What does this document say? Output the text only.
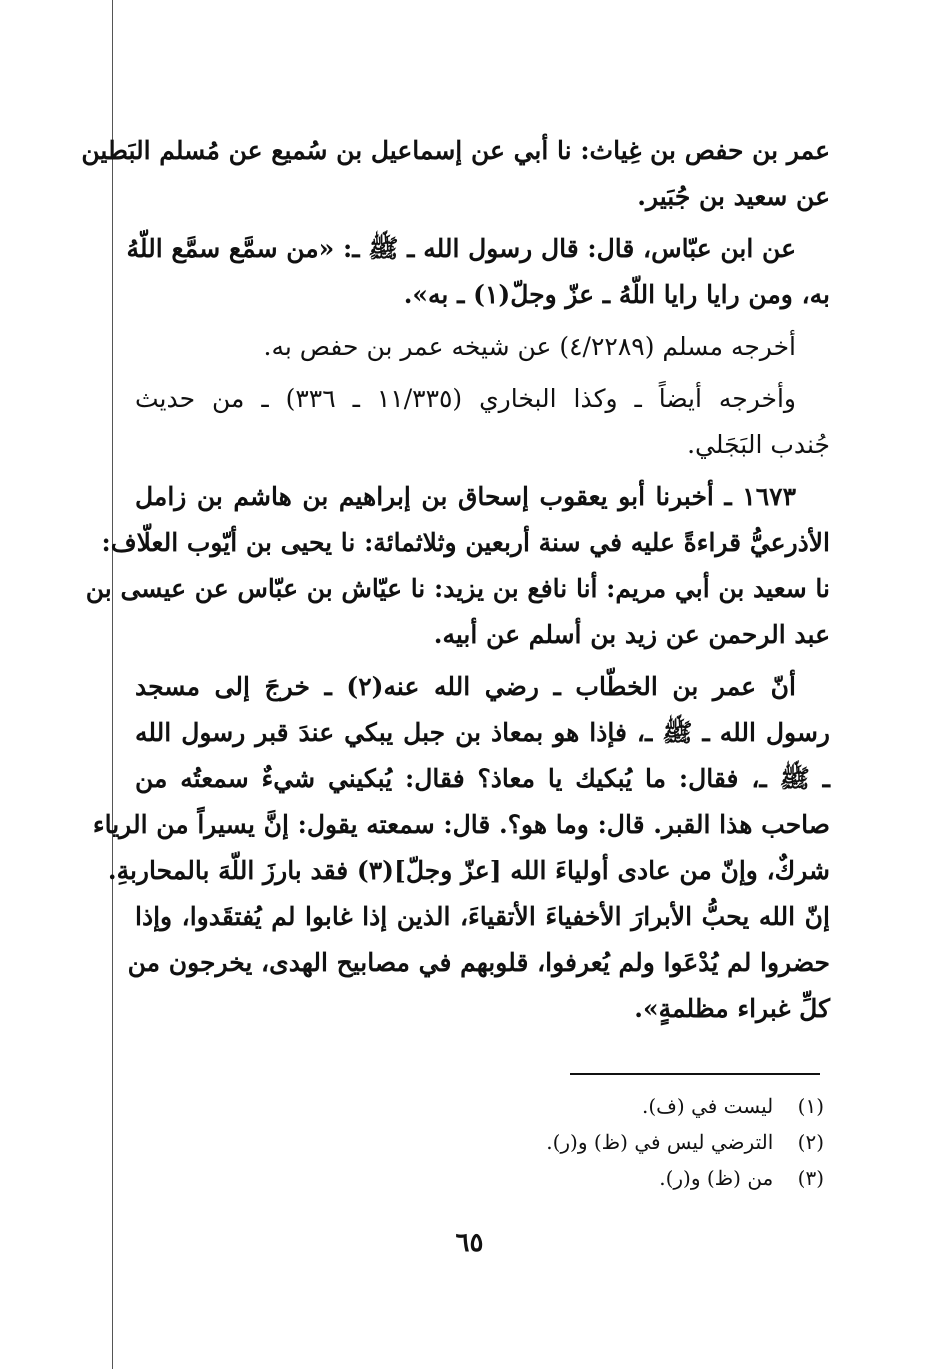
عمر بن حفص بن غِياث: نا أبي عن إسماعيل بن سُميع عن مُسلم البَطين
عن سعيد بن جُبَير.
عن ابن عبّاس، قال: قال رسول الله ـ ﷺ ـ: «من سمَّع سمَّع اللّهُ
به، ومن رايا رايا اللّهُ ـ عزّ وجلّ(١) ـ به».
أخرجه مسلم (٤/٢٢٨٩) عن شيخه عمر بن حفص به.
وأخرجه أيضاً ـ وكذا البخاري (١١/٣٣٥ ـ ٣٣٦) ـ من حديث
جُندب البَجَلي.
١٦٧٣ ـ أخبرنا أبو يعقوب إسحاق بن إبراهيم بن هاشم بن زامل
الأذرعيُّ قراءةً عليه في سنة أربعين وثلاثمائة: نا يحيى بن أيّوب العلّاف:
نا سعيد بن أبي مريم: أنا نافع بن يزيد: نا عيّاش بن عبّاس عن عيسى بن
عبد الرحمن عن زيد بن أسلم عن أبيه.
أنّ عمر بن الخطّاب ـ رضي الله عنه(٢) ـ خرجَ إلى مسجد
رسول الله ـ ﷺ ـ، فإذا هو بمعاذ بن جبل يبكي عندَ قبر رسول الله
ـ ﷺ ـ، فقال: ما يُبكيك يا معاذ؟ فقال: يُبكيني شيءٌ سمعتُه من
صاحب هذا القبر. قال: وما هو؟. قال: سمعته يقول: إنَّ يسيراً من الرياء
شركٌ، وإنّ من عادى أولياءَ الله [عزّ وجلّ](٣) فقد بارزَ اللّهَ بالمحاربةِ.
إنّ الله يحبُّ الأبرارَ الأخفياءَ الأتقياءَ، الذين إذا غابوا لم يُفتقَدوا، وإذا
حضروا لم يُدْعَوا ولم يُعرفوا، قلوبهم في مصابيح الهدى، يخرجون من
كلِّ غبراء مظلمةٍ».
(١) ليست في (ف).
(٢) الترضي ليس في (ظ) و(ر).
(٣) من (ظ) و(ر).
٦٥
